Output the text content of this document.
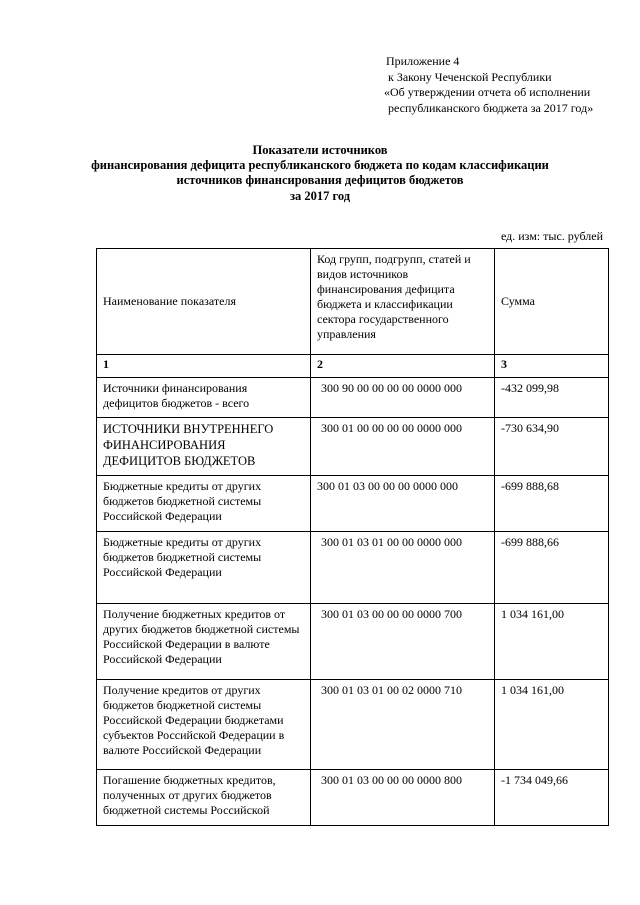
Приложение 4
к Закону Чеченской Республики
«Об утверждении отчета об исполнении
республиканского бюджета за 2017 год»
Показатели источников
финансирования дефицита республиканского бюджета по кодам классификации
источников финансирования дефицитов бюджетов
за 2017 год
ед. изм: тыс. рублей
Наименование показателя	Код групп, подгрупп, статей и видов источников финансирования дефицита бюджета и классификации сектора государственного управления	Сумма
1	2	3
Источники финансирования дефицитов бюджетов - всего	300 90 00 00 00 00 0000 000	-432 099,98
ИСТОЧНИКИ ВНУТРЕННЕГО ФИНАНСИРОВАНИЯ ДЕФИЦИТОВ БЮДЖЕТОВ	300 01 00 00 00 00 0000 000	-730 634,90
Бюджетные кредиты от других бюджетов бюджетной системы Российской Федерации	300 01 03 00 00 00 0000 000	-699 888,68
Бюджетные кредиты от других бюджетов бюджетной системы Российской Федерации	300 01 03 01 00 00 0000 000	-699 888,66
Получение бюджетных кредитов от других бюджетов бюджетной системы Российской Федерации в валюте Российской Федерации	300 01 03 00 00 00 0000 700	1 034 161,00
Получение кредитов от других бюджетов бюджетной системы Российской Федерации бюджетами субъектов Российской Федерации в валюте Российской Федерации	300 01 03 01 00 02 0000 710	1 034 161,00
Погашение бюджетных кредитов, полученных от других бюджетов бюджетной системы Российской	300 01 03 00 00 00 0000 800	-1 734 049,66
